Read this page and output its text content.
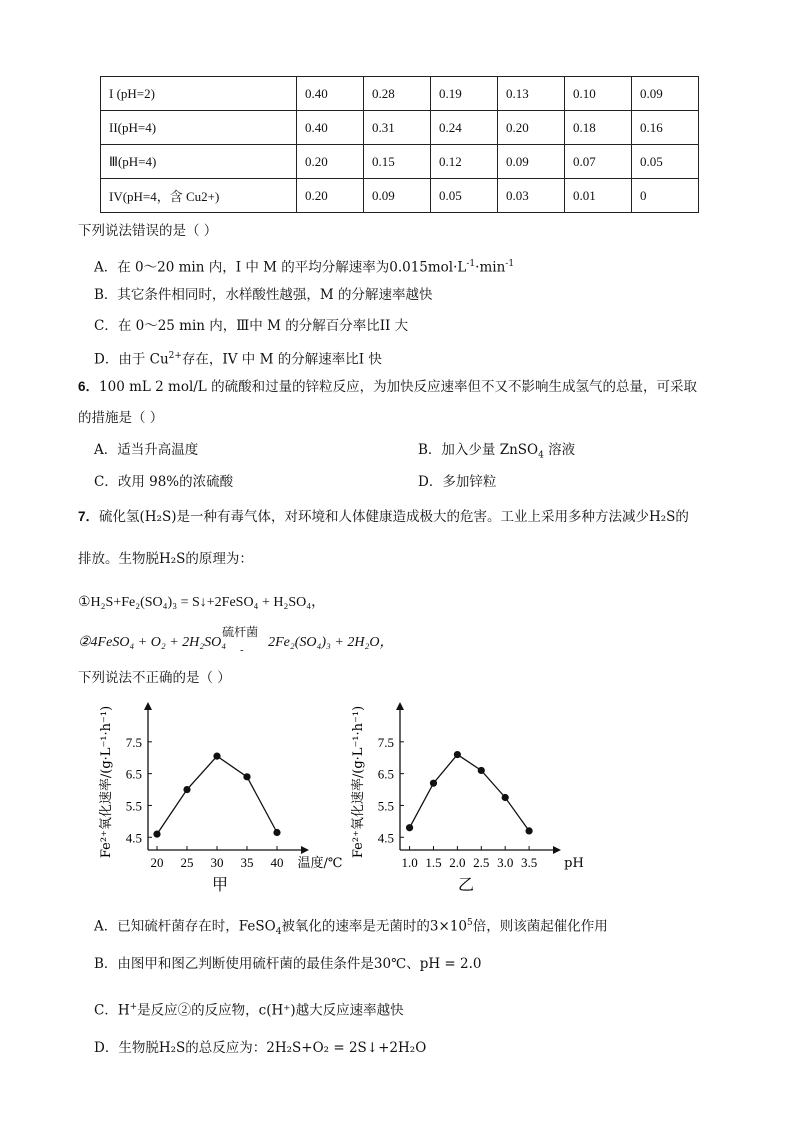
I (pH=2)	0.40	0.28	0.19	0.13	0.10	0.09
II(pH=4)	0.40	0.31	0.24	0.20	0.18	0.16
Ⅲ(pH=4)	0.20	0.15	0.12	0.09	0.07	0.05
IV(pH=4，含 Cu2+)	0.20	0.09	0.05	0.03	0.01	0
下列说法错误的是（ ）
A．在 0～20 min 内，I 中 M 的平均分解速率为$0.015mol\cdot L^{-1}\cdot\min^{-1}$
B．其它条件相同时，水样酸性越强，M 的分解速率越快
C．在 0～25 min 内，Ⅲ中 M 的分解百分率比II 大
D．由于 $Cu^{2+}$存在，IV 中 M 的分解速率比I 快
6．100 mL 2 mol/L 的硫酸和过量的锌粒反应，为加快反应速率但不又不影响生成氢气的总量，可采取
的措施是（ ）
A．适当升高温度	B．加入少量 ZnSO$_4$ 溶液
C．改用 98%的浓硫酸	D．多加锌粒
7．硫化氢(H₂S)是一种有毒气体，对环境和人体健康造成极大的危害。工业上采用多种方法减少H₂S的
排放。生物脱H₂S的原理为：
①H₂S+Fe₂(SO₄)₃ = S↓+2FeSO₄ + H₂SO₄，
②4FeSO₄ + O₂ + 2H₂SO₄
硫杆菌
-
2Fe₂(SO₄)₃ + 2H₂O，
下列说法不正确的是（ ）
20 25 30 35 40
4.5
5.5
6.5
7.5
温度/℃
Fe²⁺氧化速率/(g·L⁻¹·h⁻¹)
甲
1.0 1.5 2.0 2.5 3.0 3.5
4.5
5.5
6.5
7.5
pH
Fe²⁺氧化速率/(g·L⁻¹·h⁻¹)
乙
A．已知硫杆菌存在时，FeSO$_4$被氧化的速率是无菌时的$3\times 10^5$倍，则该菌起催化作用
B．由图甲和图乙判断使用硫杆菌的最佳条件是30℃、pH = 2.0
C．H+是反应②的反应物，c(H⁺)越大反应速率越快
D．生物脱H₂S的总反应为：2H₂S+O₂ = 2S↓+2H₂O
